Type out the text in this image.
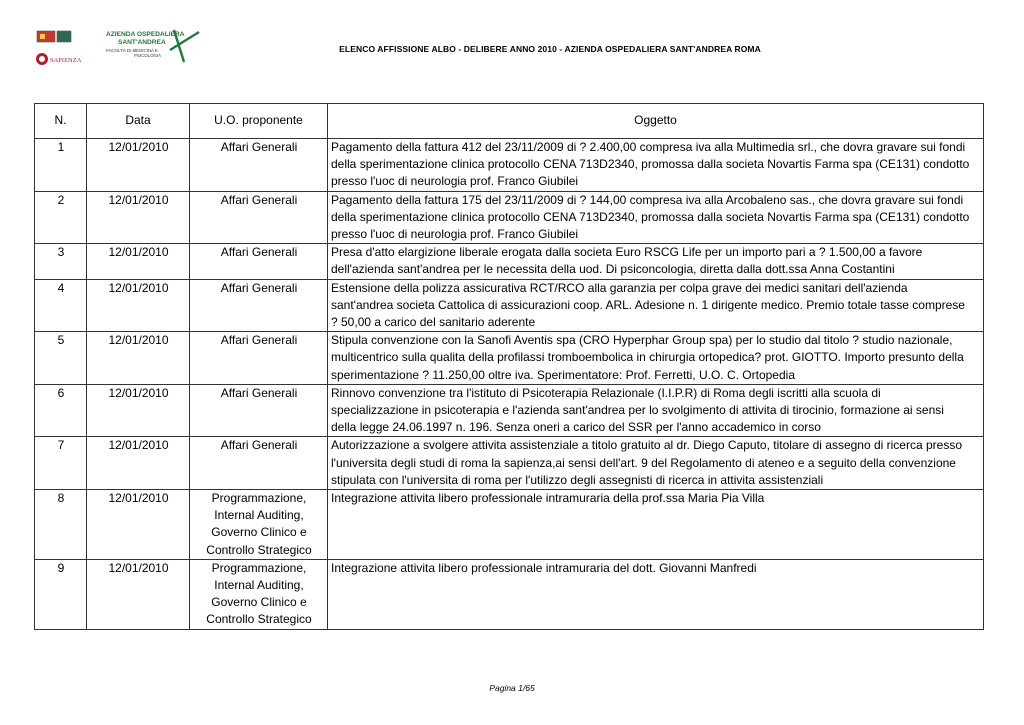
SAPIENZA
AZIENDA OSPEDALIERA
SANT'ANDREA
FACOLTÀ DI MEDICINA E
PSICOLOGIA
ELENCO AFFISSIONE ALBO - DELIBERE ANNO 2010 - AZIENDA OSPEDALIERA SANT'ANDREA ROMA
N.	Data	U.O. proponente	Oggetto
1	12/01/2010	Affari Generali	Pagamento della fattura 412 del 23/11/2009 di ? 2.400,00 compresa iva alla Multimedia srl., che dovra gravare sui fondi
della sperimentazione clinica protocollo CENA 713D2340, promossa dalla societa Novartis Farma spa (CE131) condotto
presso l'uoc di neurologia prof. Franco Giubilei

2	12/01/2010	Affari Generali	Pagamento della fattura 175 del 23/11/2009 di ? 144,00 compresa iva alla Arcobaleno sas., che dovra gravare sui fondi
della sperimentazione clinica protocollo CENA 713D2340, promossa dalla societa Novartis Farma spa (CE131) condotto
presso l'uoc di neurologia prof. Franco Giubilei

3	12/01/2010	Affari Generali	Presa d'atto elargizione liberale erogata dalla societa Euro RSCG Life per un importo pari a ? 1.500,00 a favore
dell'azienda sant'andrea per le necessita della uod. Di psiconcologia, diretta dalla dott.ssa Anna Costantini

4	12/01/2010	Affari Generali	Estensione della polizza assicurativa RCT/RCO alla garanzia per colpa grave dei medici sanitari dell'azienda
sant'andrea societa Cattolica di assicurazioni coop. ARL. Adesione n. 1 dirigente medico. Premio totale tasse comprese
? 50,00 a carico del sanitario aderente

5	12/01/2010	Affari Generali	Stipula convenzione con la Sanofi Aventis spa (CRO Hyperphar Group spa) per lo studio dal titolo ? studio nazionale,
multicentrico sulla qualita della profilassi tromboembolica in chirurgia ortopedica? prot. GIOTTO. Importo presunto della
sperimentazione ? 11.250,00 oltre iva. Sperimentatore: Prof. Ferretti, U.O. C. Ortopedia

6	12/01/2010	Affari Generali	Rinnovo convenzione tra l'istituto di Psicoterapia Relazionale (I.I.P.R) di Roma degli iscritti alla scuola di
specializzazione in psicoterapia e l'azienda sant'andrea per lo svolgimento di attivita di tirocinio, formazione ai sensi
della legge 24.06.1997 n. 196. Senza oneri a carico del SSR per l'anno accademico in corso

7	12/01/2010	Affari Generali	Autorizzazione a svolgere attivita assistenziale a titolo gratuito al dr. Diego Caputo, titolare di assegno di ricerca presso
l'universita degli studi di roma la sapienza,ai sensi dell'art. 9 del Regolamento di ateneo e a seguito della convenzione
stipulata con l'universita di roma per l'utilizzo degli assegnisti di ricerca in attivita assistenziali

8	12/01/2010	Programmazione,
Internal Auditing,
Governo Clinico e
Controllo Strategico	Integrazione attivita libero professionale intramuraria della prof.ssa Maria Pia Villa

9	12/01/2010	Programmazione,
Internal Auditing,
Governo Clinico e
Controllo Strategico	Integrazione attivita libero professionale intramuraria del dott. Giovanni Manfredi
Pagina 1/65
